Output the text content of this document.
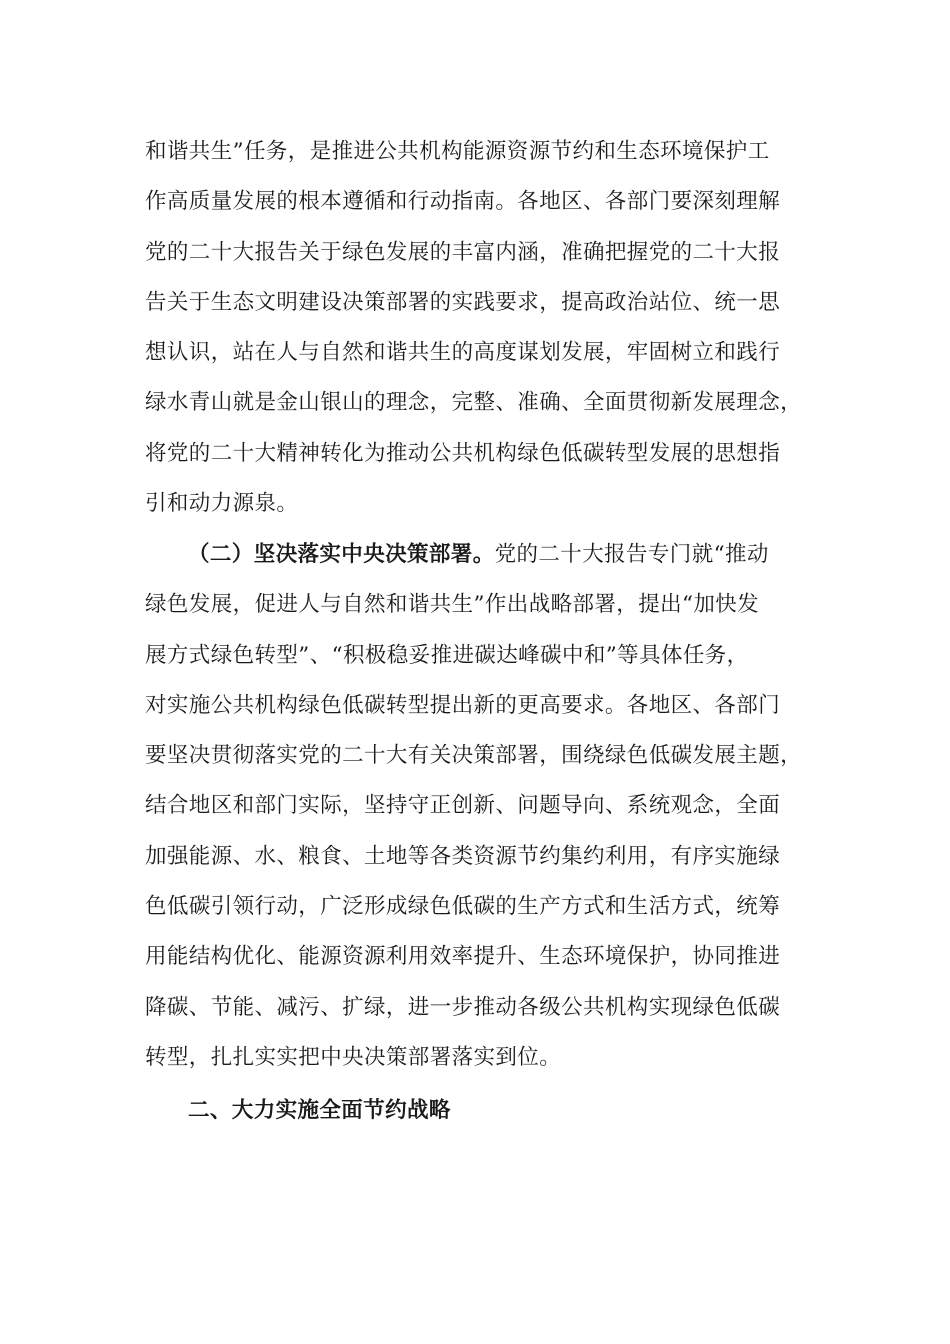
和谐共生”任务，是推进公共机构能源资源节约和生态环境保护工
作高质量发展的根本遵循和行动指南。各地区、各部门要深刻理解
党的二十大报告关于绿色发展的丰富内涵，准确把握党的二十大报
告关于生态文明建设决策部署的实践要求，提高政治站位、统一思
想认识，站在人与自然和谐共生的高度谋划发展，牢固树立和践行
绿水青山就是金山银山的理念，完整、准确、全面贯彻新发展理念，
将党的二十大精神转化为推动公共机构绿色低碳转型发展的思想指
引和动力源泉。
（二）坚决落实中央决策部署。党的二十大报告专门就“推动
绿色发展，促进人与自然和谐共生”作出战略部署，提出“加快发
展方式绿色转型”、“积极稳妥推进碳达峰碳中和”等具体任务，
对实施公共机构绿色低碳转型提出新的更高要求。各地区、各部门
要坚决贯彻落实党的二十大有关决策部署，围绕绿色低碳发展主题，
结合地区和部门实际，坚持守正创新、问题导向、系统观念，全面
加强能源、水、粮食、土地等各类资源节约集约利用，有序实施绿
色低碳引领行动，广泛形成绿色低碳的生产方式和生活方式，统筹
用能结构优化、能源资源利用效率提升、生态环境保护，协同推进
降碳、节能、减污、扩绿，进一步推动各级公共机构实现绿色低碳
转型，扎扎实实把中央决策部署落实到位。
二、大力实施全面节约战略
